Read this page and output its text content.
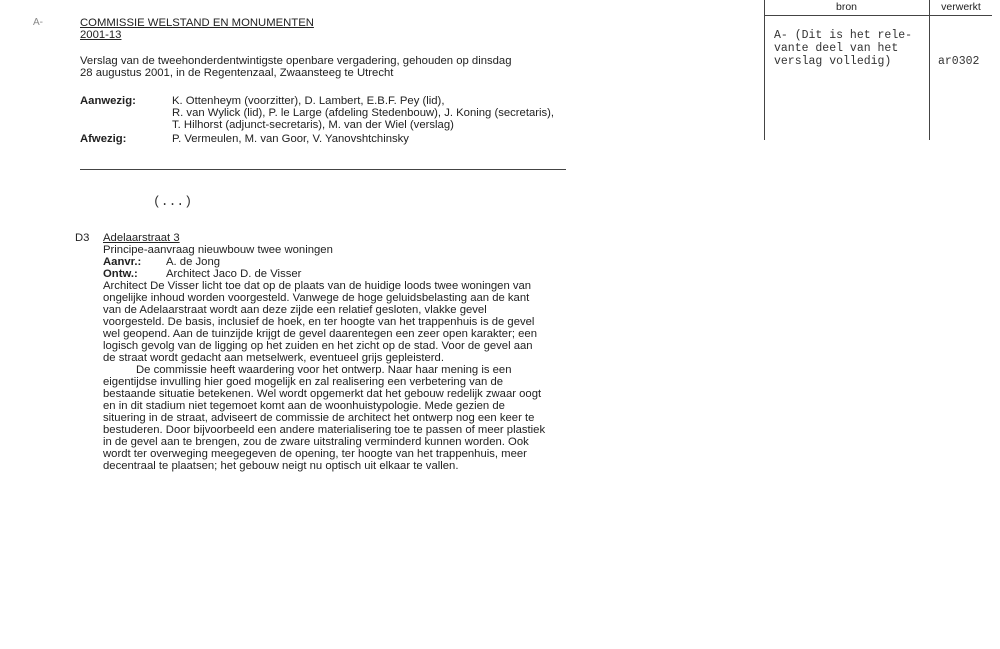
A-	COMMISSIE WELSTAND EN MONUMENTEN
2001-13
Verslag van de tweehonderdentwintigste openbare vergadering, gehouden op dinsdag
28 augustus 2001, in de Regentenzaal, Zwaansteeg te Utrecht
Aanwezig:	K. Ottenheym (voorzitter), D. Lambert, E.B.F. Pey (lid),
R. van Wylick (lid), P. le Large (afdeling Stedenbouw), J. Koning (secretaris),
T. Hilhorst (adjunct-secretaris), M. van der Wiel (verslag)
Afwezig:	P. Vermeulen, M. van Goor, V. Yanovshtchinsky
(...)
D3 Adelaarstraat 3
Principe-aanvraag nieuwbouw twee woningen
Aanvr.: A. de Jong
Ontw.:	Architect Jaco D. de Visser
Architect De Visser licht toe dat op de plaats van de huidige loods twee woningen van
ongelijke inhoud worden voorgesteld. Vanwege de hoge geluidsbelasting aan de kant
van de Adelaarstraat wordt aan deze zijde een relatief gesloten, vlakke gevel
voorgesteld. De basis, inclusief de hoek, en ter hoogte van het trappenhuis is de gevel
wel geopend. Aan de tuinzijde krijgt de gevel daarentegen een zeer open karakter; een
logisch gevolg van de ligging op het zuiden en het zicht op de stad. Voor de gevel aan
de straat wordt gedacht aan metselwerk, eventueel grijs gepleisterd.
De commissie heeft waardering voor het ontwerp. Naar haar mening is een
eigentijdse invulling hier goed mogelijk en zal realisering een verbetering van de
bestaande situatie betekenen. Wel wordt opgemerkt dat het gebouw redelijk zwaar oogt
en in dit stadium niet tegemoet komt aan de woonhuistypologie. Mede gezien de
situering in de straat, adviseert de commissie de architect het ontwerp nog een keer te
bestuderen. Door bijvoorbeeld een andere materialisering toe te passen of meer plastiek
in de gevel aan te brengen, zou de zware uitstraling verminderd kunnen worden. Ook
wordt ter overweging meegegeven de opening, ter hoogte van het trappenhuis, meer
decentraal te plaatsen; het gebouw neigt nu optisch uit elkaar te vallen.
bron	verwerkt
A- (Dit is het rele-
vante deel van het
verslag volledig)	ar0302
